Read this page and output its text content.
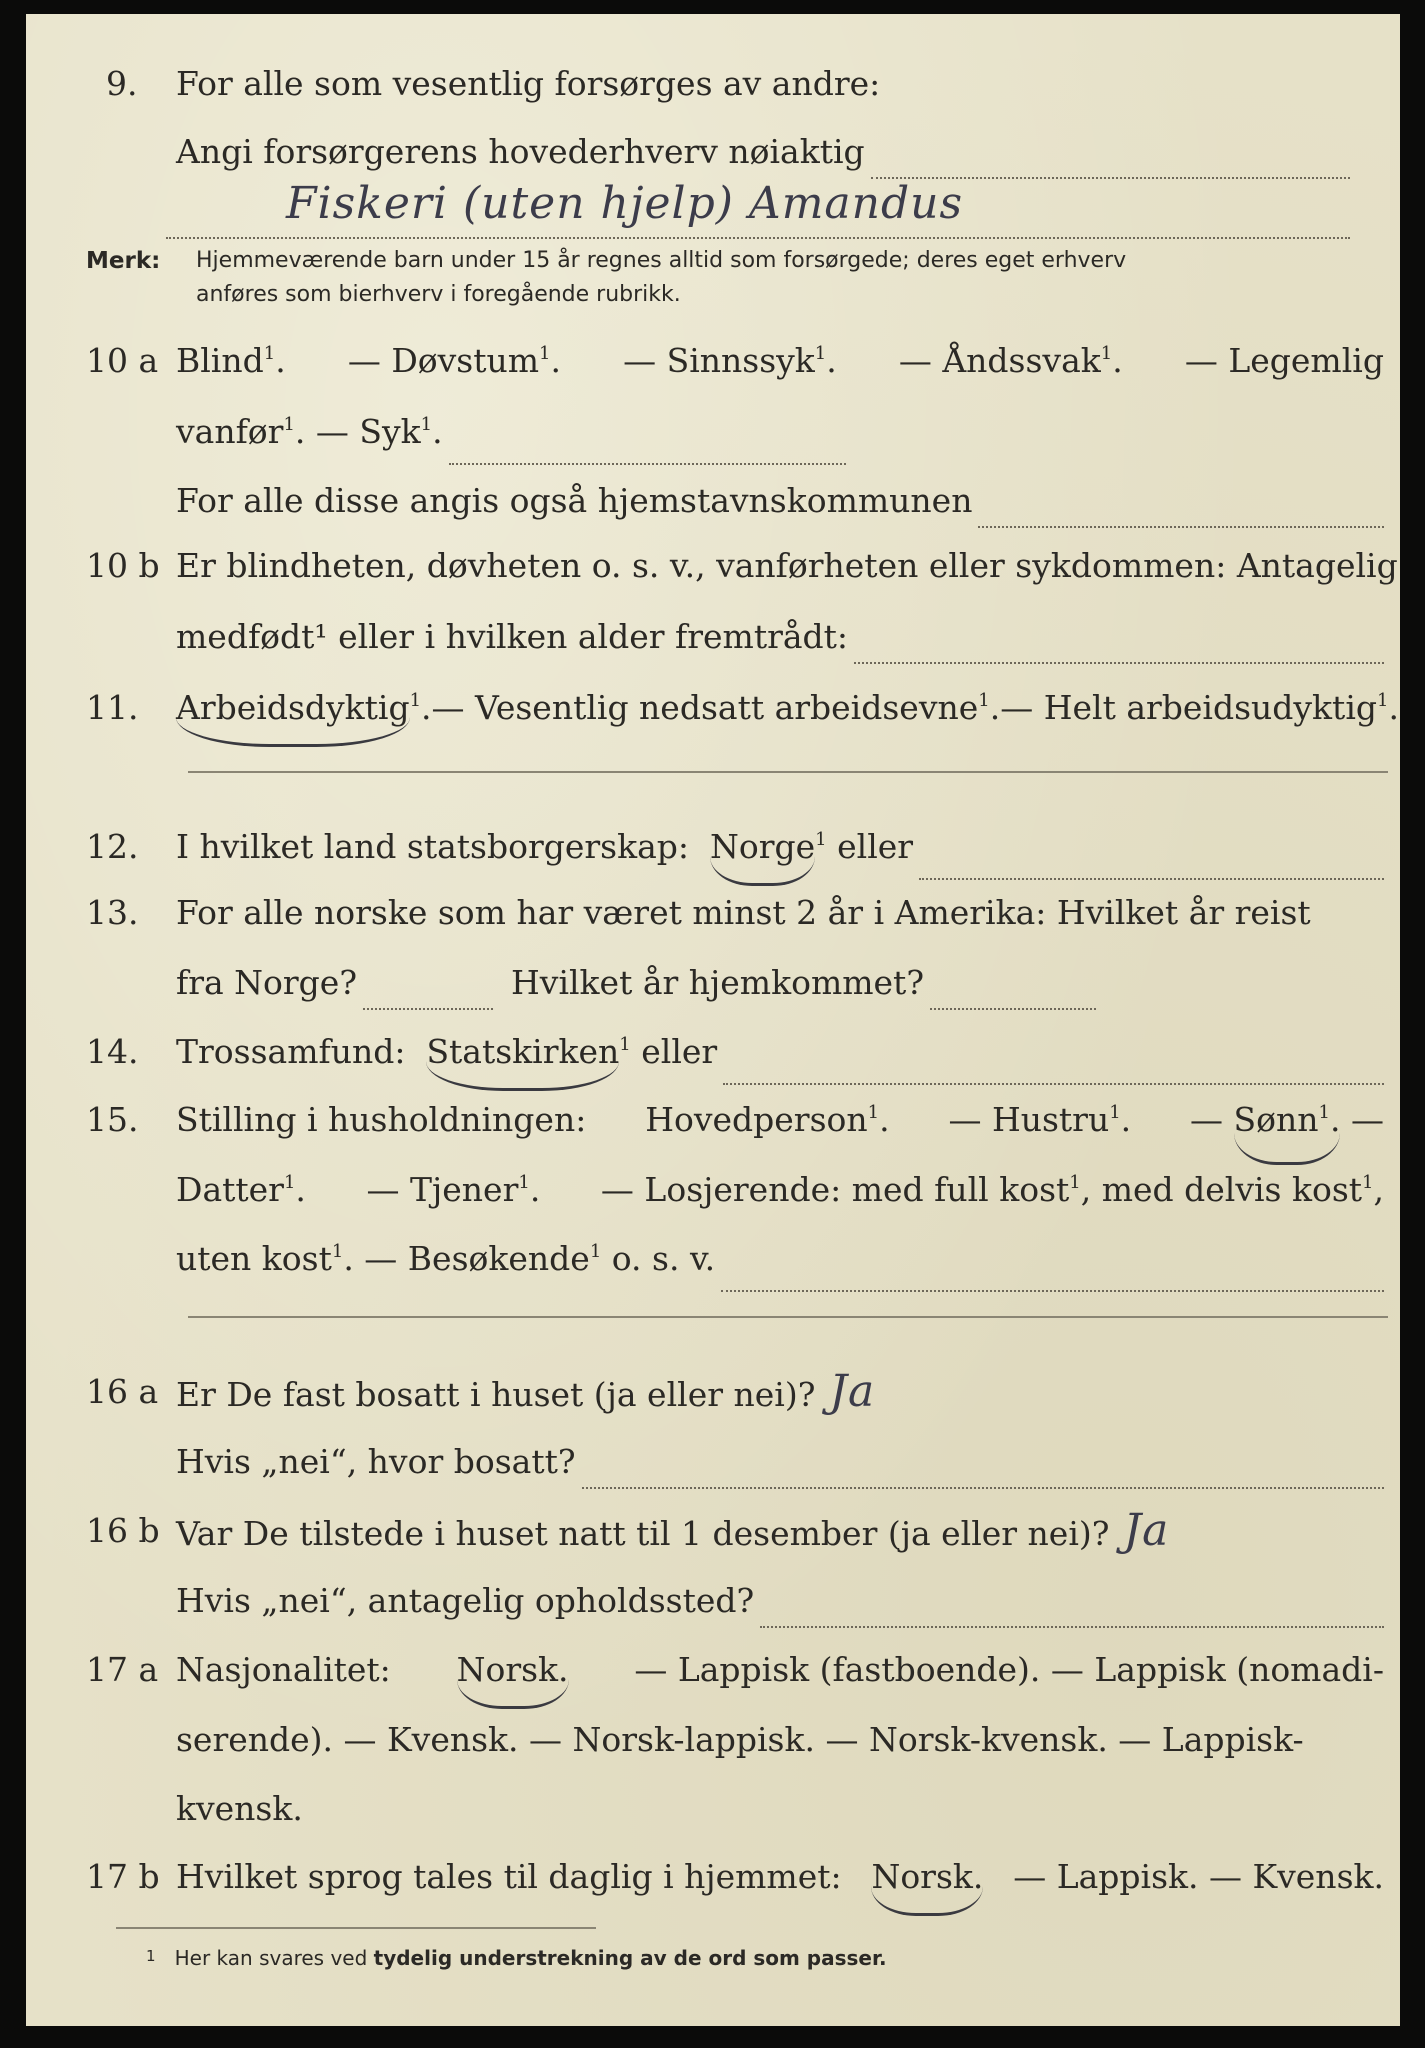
9. For alle som vesentlig forsørges av andre:
Angi forsørgerens hovederhverv nøiaktig
Fiskeri (uten hjelp) Amandus
Merk: Hjemmeværende barn under 15 år regnes alltid som forsørgede; deres eget erhverv
anføres som bierhverv i foregående rubrikk.
10 a Blind$^1$. — Døvstum$^1$. — Sinnssyk$^1$. — Åndssvak$^1$. — Legemlig
vanfør 1 . — Syk 1 .
For alle disse angis også hjemstavnskommunen
10 b Er blindheten, døvheten o. s. v., vanførheten eller sykdommen: Antagelig
medfødt¹ eller i hvilken alder fremtrådt:
11. Arbeidsdyktig$^1$. — Vesentlig nedsatt arbeidsevne$^1$. — Helt arbeidsudyktig$^1$.
12. I hvilket land statsborgerskap:
Norge 1
eller
13. For alle norske som har været minst 2 år i Amerika: Hvilket år reist
fra Norge?	Hvilket år hjemkommet?
14. Trossamfund:
Statskirken 1
eller
15. Stilling i husholdningen: Hovedperson$^1$. — Hustru$^1$. — Sønn$^1$. —
Datter$^1$. — Tjener$^1$. — Losjerende: med full kost$^1$, med delvis kost$^1$,
uten kost 1 . — Besøkende 1
o. s. v.
16 a Er De fast bosatt i huset (ja eller nei)? Ja
Hvis „nei“, hvor bosatt?
16 b Var De tilstede i huset natt til 1 desember (ja eller nei)? Ja
Hvis „nei“, antagelig opholdssted?
17 a Nasjonalitet: Norsk. — Lappisk (fastboende). — Lappisk (nomadi-
serende). — Kvensk. — Norsk-lappisk. — Norsk-kvensk. — Lappisk-
kvensk.
17 b Hvilket sprog tales til daglig i hjemmet: Norsk. — Lappisk. — Kvensk.
$^1$ Her kan svares ved tydelig understrekning av de ord som passer.
